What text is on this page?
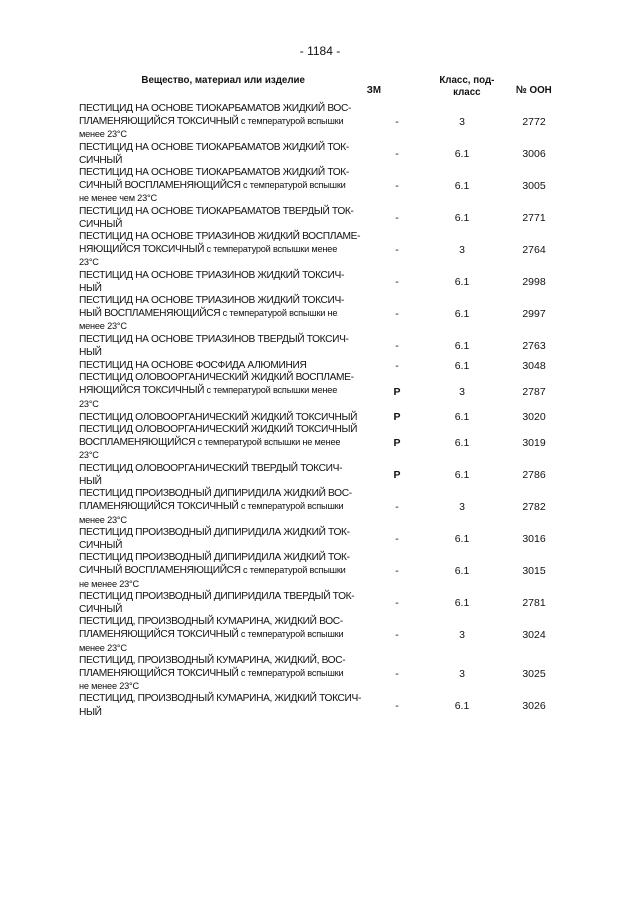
- 1184 -
Вещество, материал или изделие
ЗМ
Класс, под-
класс	№ ООН
ПЕСТИЦИД НА ОСНОВЕ ТИОКАРБАМАТОВ ЖИДКИЙ ВОС-
ПЛАМЕНЯЮЩИЙСЯ ТОКСИЧНЫЙ с температурой вспышки
менее 23°C
-	3	2772
ПЕСТИЦИД НА ОСНОВЕ ТИОКАРБАМАТОВ ЖИДКИЙ ТОК-
СИЧНЫЙ	-	6.1	3006
ПЕСТИЦИД НА ОСНОВЕ ТИОКАРБАМАТОВ ЖИДКИЙ ТОК-
СИЧНЫЙ ВОСПЛАМЕНЯЮЩИЙСЯ с температурой вспышки
не менее чем 23°C
-	6.1	3005
ПЕСТИЦИД НА ОСНОВЕ ТИОКАРБАМАТОВ ТВЕРДЫЙ ТОК-
СИЧНЫЙ	-	6.1	2771
ПЕСТИЦИД НА ОСНОВЕ ТРИАЗИНОВ ЖИДКИЙ ВОСПЛАМЕ-
НЯЮЩИЙСЯ ТОКСИЧНЫЙ с температурой вспышки менее
23°C
-	3	2764
ПЕСТИЦИД НА ОСНОВЕ ТРИАЗИНОВ ЖИДКИЙ ТОКСИЧ-
НЫЙ	-	6.1	2998
ПЕСТИЦИД НА ОСНОВЕ ТРИАЗИНОВ ЖИДКИЙ ТОКСИЧ-
НЫЙ ВОСПЛАМЕНЯЮЩИЙСЯ с температурой вспышки не
менее 23°C
-	6.1	2997
ПЕСТИЦИД НА ОСНОВЕ ТРИАЗИНОВ ТВЕРДЫЙ ТОКСИЧ-
НЫЙ	-	6.1	2763
ПЕСТИЦИД НА ОСНОВЕ ФОСФИДА АЛЮМИНИЯ	-	6.1	3048
ПЕСТИЦИД ОЛОВООРГАНИЧЕСКИЙ ЖИДКИЙ ВОСПЛАМЕ-
НЯЮЩИЙСЯ ТОКСИЧНЫЙ с температурой вспышки менее
23°C
P	3	2787
ПЕСТИЦИД ОЛОВООРГАНИЧЕСКИЙ ЖИДКИЙ ТОКСИЧНЫЙ	P	6.1	3020
ПЕСТИЦИД ОЛОВООРГАНИЧЕСКИЙ ЖИДКИЙ ТОКСИЧНЫЙ
ВОСПЛАМЕНЯЮЩИЙСЯ с температурой вспышки не менее
23°C
P	6.1	3019
ПЕСТИЦИД ОЛОВООРГАНИЧЕСКИЙ ТВЕРДЫЙ ТОКСИЧ-
НЫЙ	P	6.1	2786
ПЕСТИЦИД ПРОИЗВОДНЫЙ ДИПИРИДИЛА ЖИДКИЙ ВОС-
ПЛАМЕНЯЮЩИЙСЯ ТОКСИЧНЫЙ с температурой вспышки
менее 23°C
-	3	2782
ПЕСТИЦИД ПРОИЗВОДНЫЙ ДИПИРИДИЛА ЖИДКИЙ ТОК-
СИЧНЫЙ	-	6.1	3016
ПЕСТИЦИД ПРОИЗВОДНЫЙ ДИПИРИДИЛА ЖИДКИЙ ТОК-
СИЧНЫЙ ВОСПЛАМЕНЯЮЩИЙСЯ с температурой вспышки
не менее 23°C
-	6.1	3015
ПЕСТИЦИД ПРОИЗВОДНЫЙ ДИПИРИДИЛА ТВЕРДЫЙ ТОК-
СИЧНЫЙ	-	6.1	2781
ПЕСТИЦИД, ПРОИЗВОДНЫЙ КУМАРИНА, ЖИДКИЙ ВОС-
ПЛАМЕНЯЮЩИЙСЯ ТОКСИЧНЫЙ с температурой вспышки
менее 23°C
-	3	3024
ПЕСТИЦИД, ПРОИЗВОДНЫЙ КУМАРИНА, ЖИДКИЙ, ВОС-
ПЛАМЕНЯЮЩИЙСЯ ТОКСИЧНЫЙ с температурой вспышки
не менее 23°C
-	3	3025
ПЕСТИЦИД, ПРОИЗВОДНЫЙ КУМАРИНА, ЖИДКИЙ ТОКСИЧ-
НЫЙ	-	6.1	3026
